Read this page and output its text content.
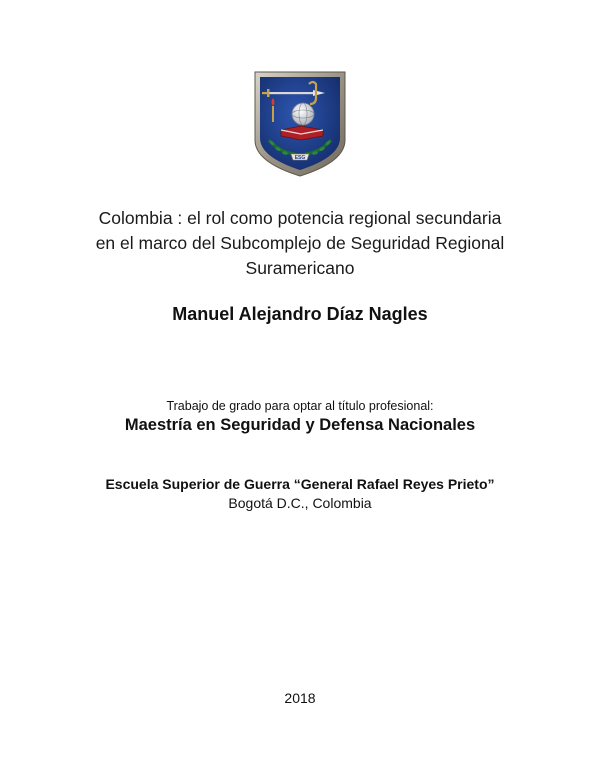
ESG
Colombia : el rol como potencia regional secundaria
en el marco del Subcomplejo de Seguridad Regional
Suramericano
Manuel Alejandro Díaz Nagles
Trabajo de grado para optar al título profesional:
Maestría en Seguridad y Defensa Nacionales
Escuela Superior de Guerra “General Rafael Reyes Prieto”
Bogotá D.C., Colombia
2018
